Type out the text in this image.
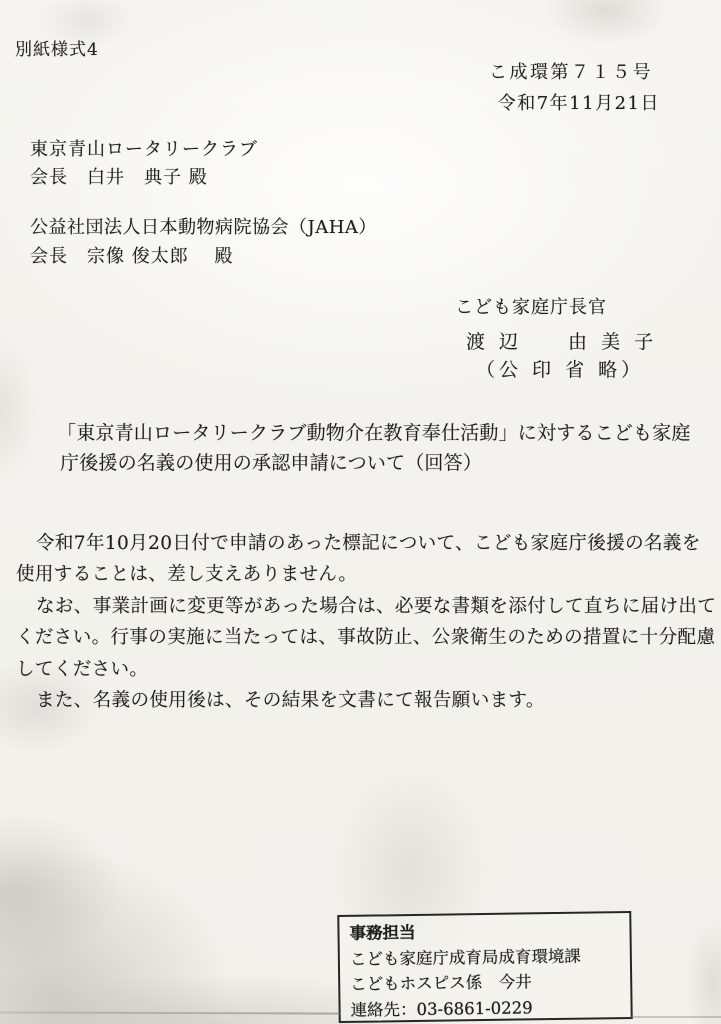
別紙様式4
こ成環第７１５号
令和7年11月21日
東京青山ロータリークラブ
会長　白井　典子 殿
公益社団法人日本動物病院協会（JAHA）
会長　宗像 俊太郎　 殿
こども家庭庁長官
渡 辺　　由 美 子
（公 印 省 略）
「東京青山ロータリークラブ動物介在教育奉仕活動」に対するこども家庭
庁後援の名義の使用の承認申請について（回答）
令和7年10月20日付で申請のあった標記について、こども家庭庁後援の名義を
使用することは、差し支えありません。
なお、事業計画に変更等があった場合は、必要な書類を添付して直ちに届け出て
ください。行事の実施に当たっては、事故防止、公衆衛生のための措置に十分配慮
してください。
また、名義の使用後は、その結果を文書にて報告願います。
事務担当
こども家庭庁成育局成育環境課
こどもホスピス係　今井
連絡先：03-6861-0229
